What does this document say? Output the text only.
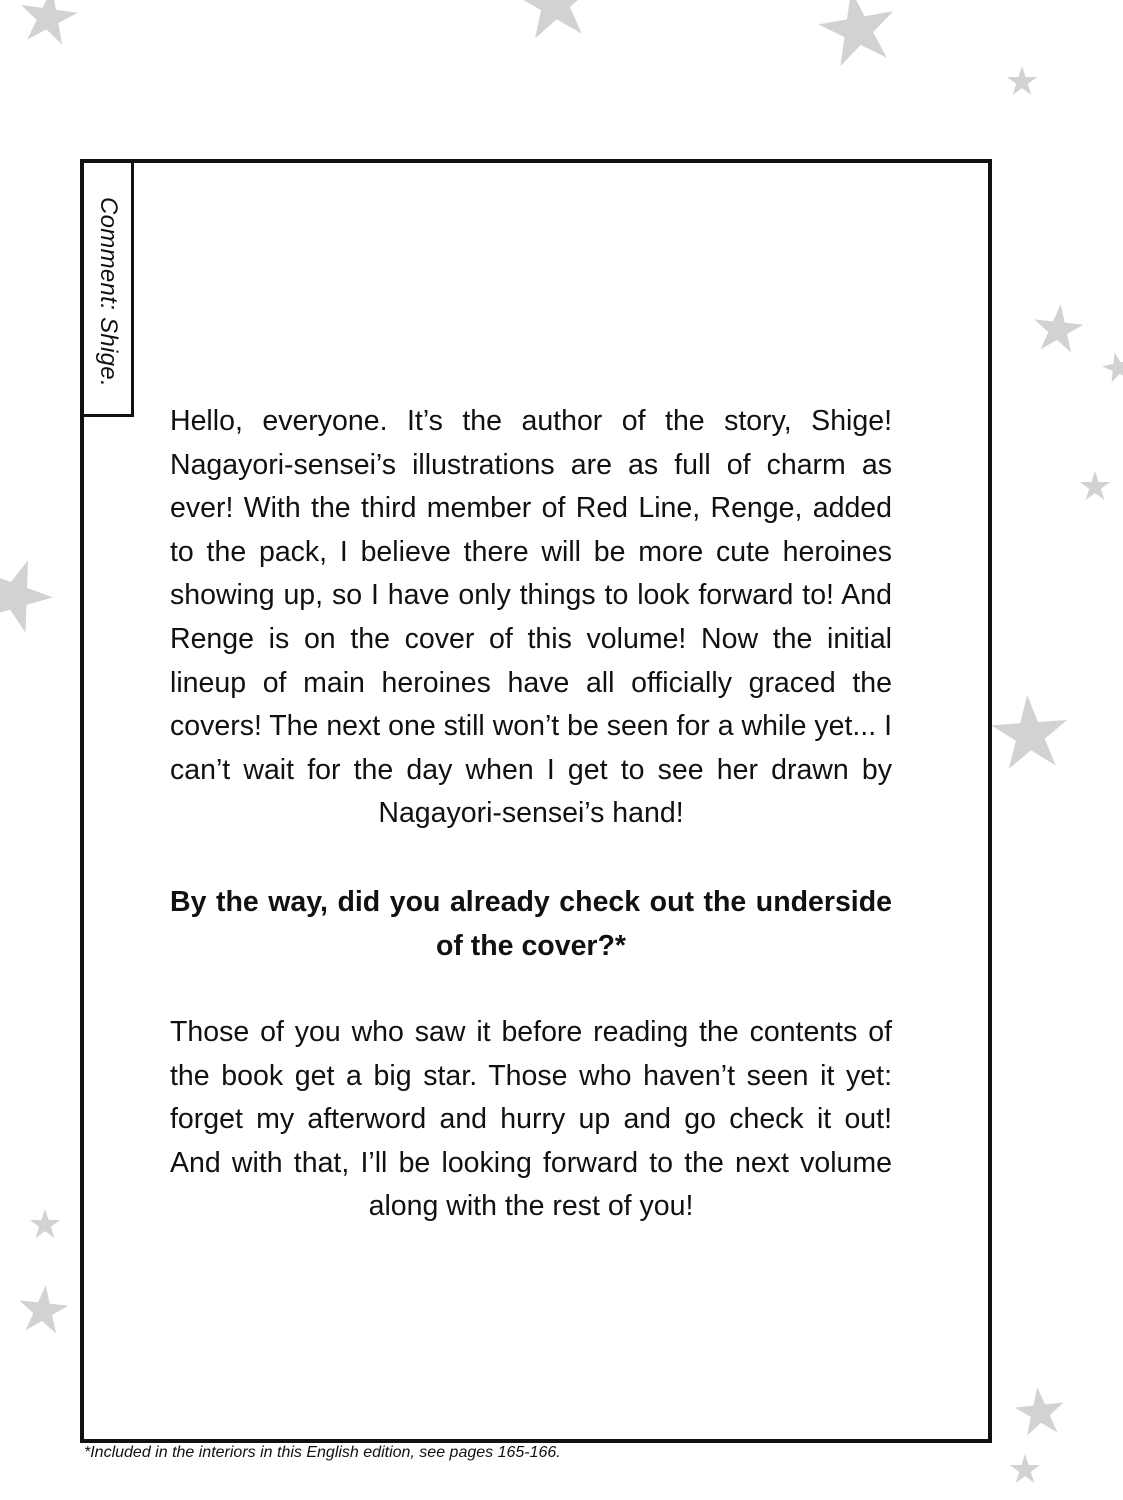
Comment: Shige.
Hello, everyone. It’s the author of the story, Shige! Nagayori-sensei’s illustrations are as full of charm as ever! With the third member of Red Line, Renge, added to the pack, I believe there will be more cute heroines showing up, so I have only things to look forward to! And Renge is on the cover of this volume! Now the initial lineup of main heroines have all officially graced the covers! The next one still won’t be seen for a while yet... I can’t wait for the day when I get to see her drawn by Nagayori-sensei’s hand!
By the way, did you already check out the underside of the cover?*
Those of you who saw it before reading the contents of the book get a big star. Those who haven’t seen it yet: forget my afterword and hurry up and go check it out! And with that, I’ll be looking forward to the next volume along with the rest of you!
*Included in the interiors in this English edition, see pages 165-166.
